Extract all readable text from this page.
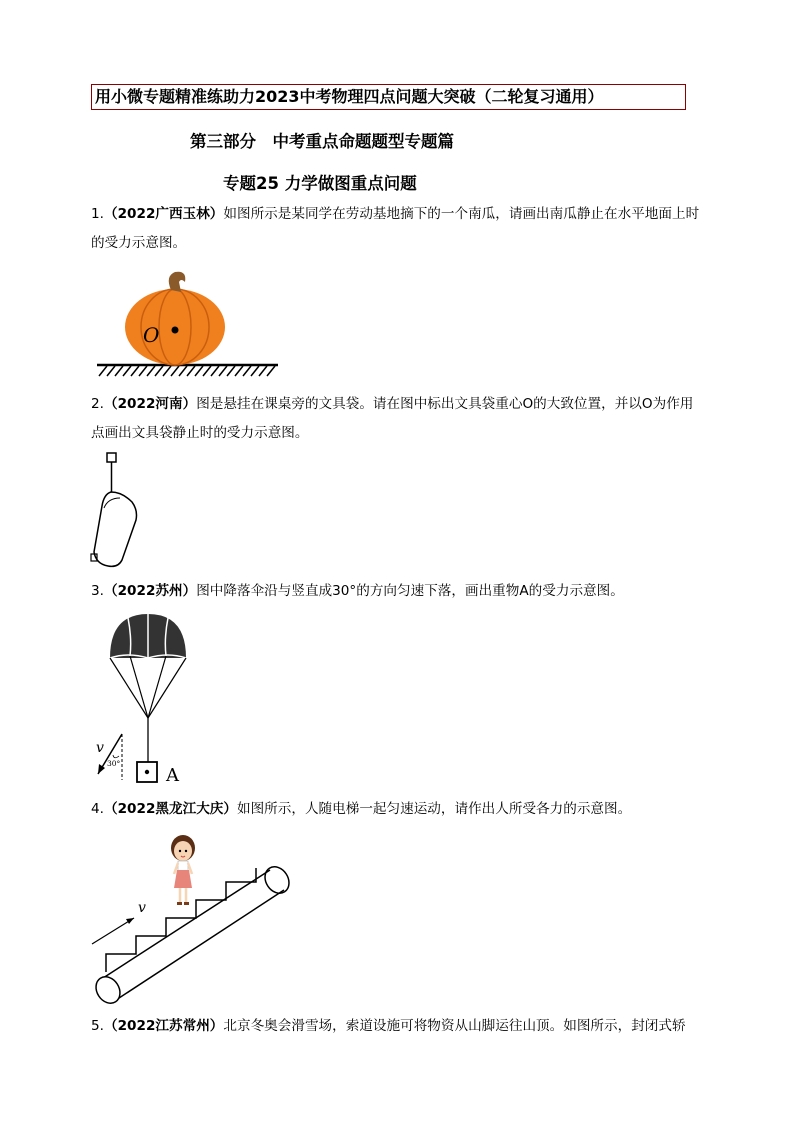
用小微专题精准练助力2023中考物理四点问题大突破（二轮复习通用）
第三部分　中考重点命题题型专题篇
专题25 力学做图重点问题
1.（2022广西玉林）如图所示是某同学在劳动基地摘下的一个南瓜，请画出南瓜静止在水平地面上时的受力示意图。
O
2.（2022河南）图是悬挂在课桌旁的文具袋。请在图中标出文具袋重心O的大致位置，并以O为作用点画出文具袋静止时的受力示意图。
3.（2022苏州）图中降落伞沿与竖直成30°的方向匀速下落，画出重物A的受力示意图。
A
v
30°
4.（2022黑龙江大庆）如图所示，人随电梯一起匀速运动，请作出人所受各力的示意图。
v
5.（2022江苏常州）北京冬奥会滑雪场，索道设施可将物资从山脚运往山顶。如图所示，封闭式轿
